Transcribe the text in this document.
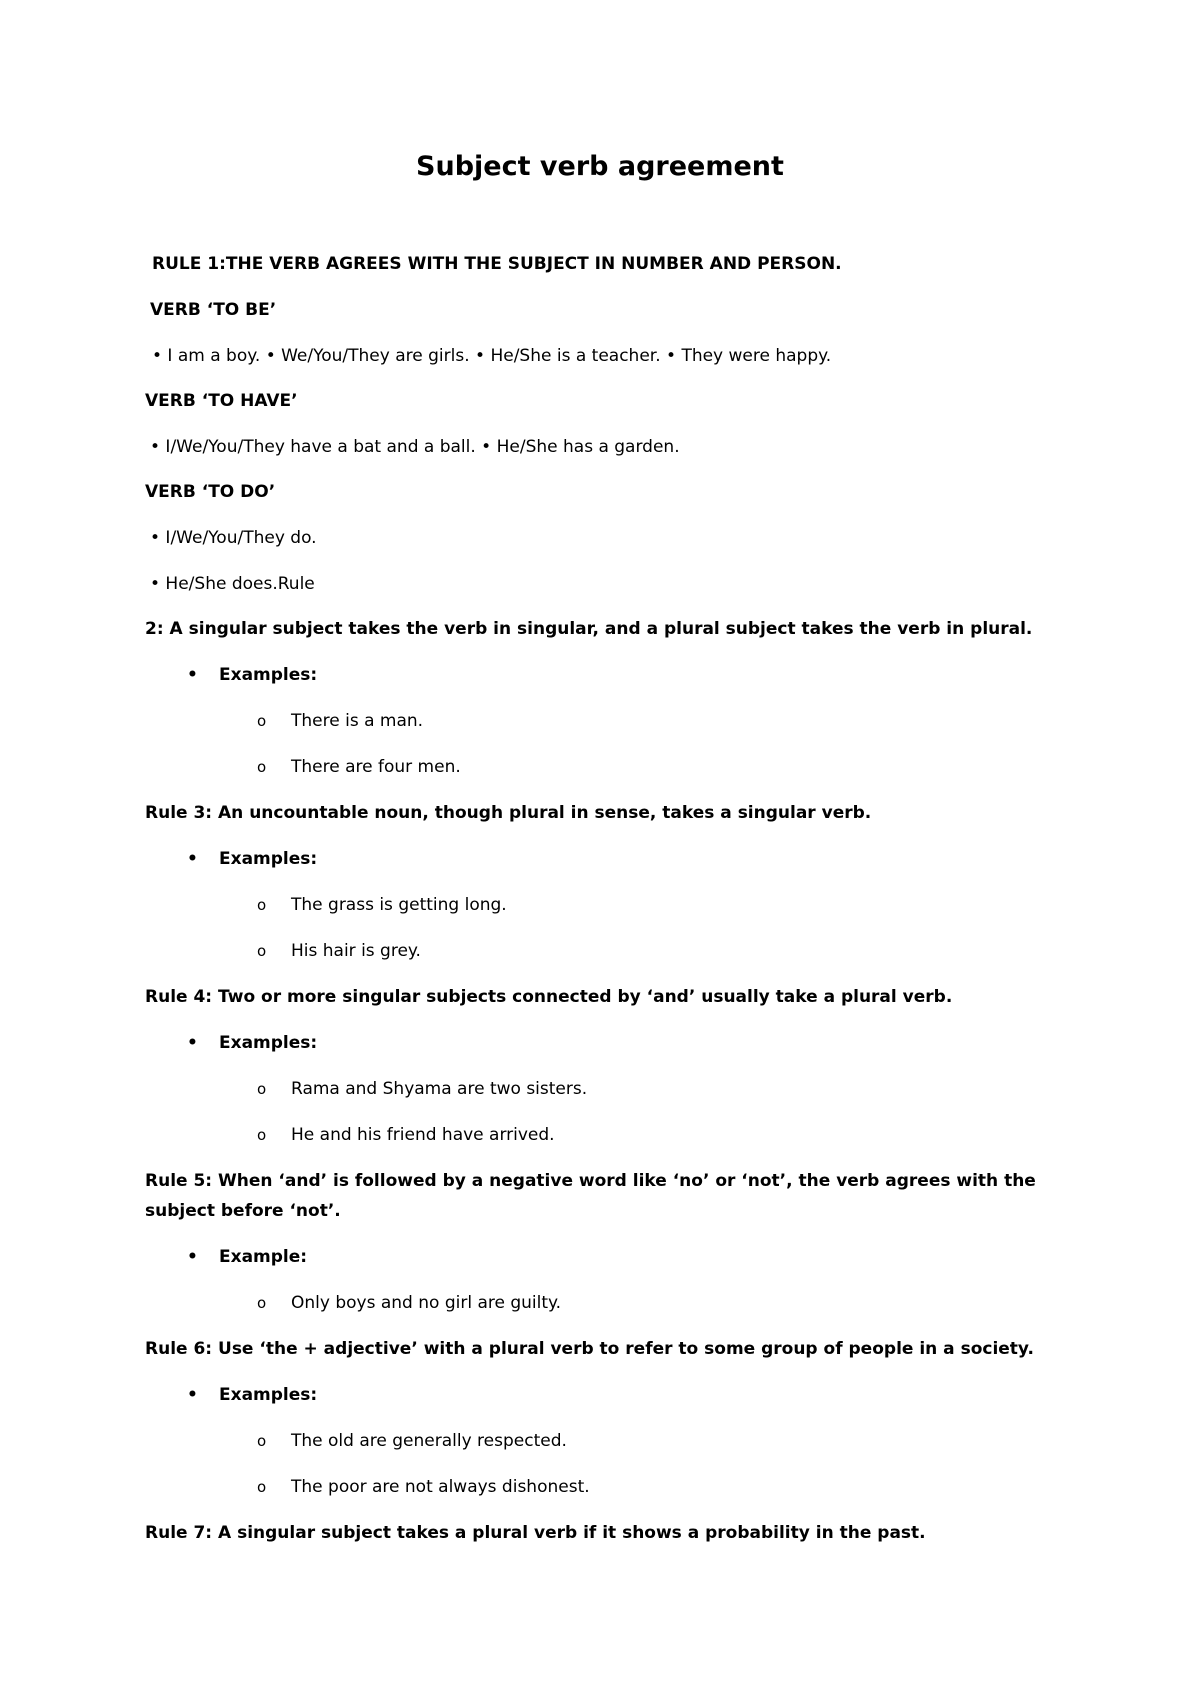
Subject verb agreement

RULE 1:THE VERB AGREES WITH THE SUBJECT IN NUMBER AND PERSON.

VERB ‘TO BE’

• I am a boy. • We/You/They are girls. • He/She is a teacher. • They were happy.

VERB ‘TO HAVE’

• I/We/You/They have a bat and a ball. • He/She has a garden.

VERB ‘TO DO’

• I/We/You/They do.

• He/She does.Rule

2: A singular subject takes the verb in singular, and a plural subject takes the verb in plural.

• Examples:

o There is a man.

o There are four men.

Rule 3: An uncountable noun, though plural in sense, takes a singular verb.

• Examples:

o The grass is getting long.

o His hair is grey.

Rule 4: Two or more singular subjects connected by ‘and’ usually take a plural verb.

• Examples:

o Rama and Shyama are two sisters.

o He and his friend have arrived.

Rule 5: When ‘and’ is followed by a negative word like ‘no’ or ‘not’, the verb agrees with the

subject before ‘not’.

• Example:

o Only boys and no girl are guilty.

Rule 6: Use ‘the + adjective’ with a plural verb to refer to some group of people in a society.

• Examples:

o The old are generally respected.

o The poor are not always dishonest.

Rule 7: A singular subject takes a plural verb if it shows a probability in the past.
